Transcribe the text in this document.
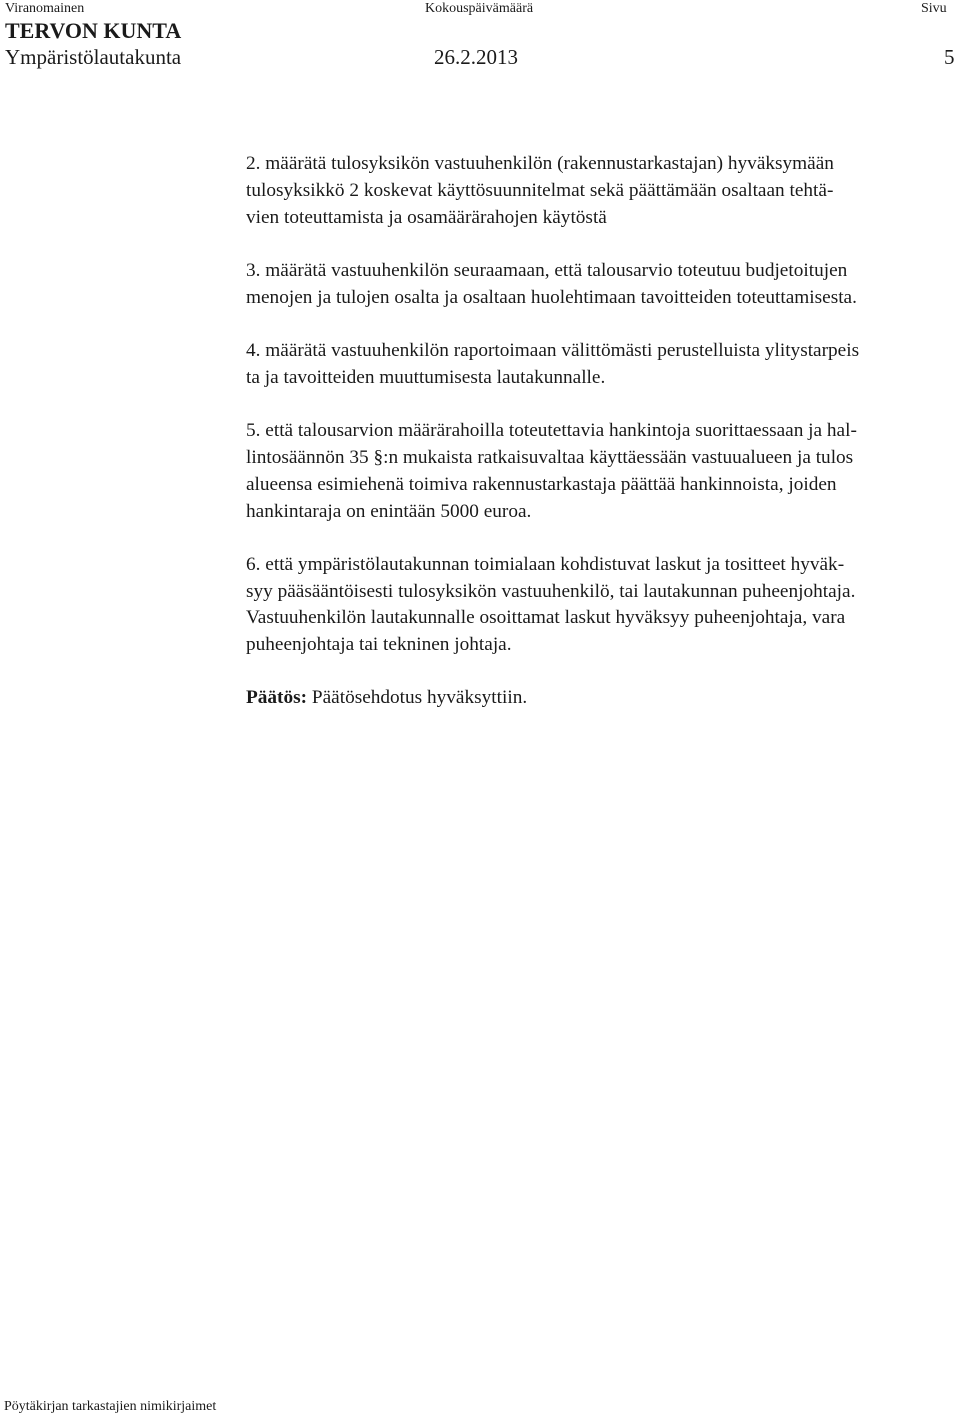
Viranomainen	Kokouspäivämäärä	Sivu
TERVON KUNTA
Ympäristölautakunta	26.2.2013	5
2. määrätä tulosyksikön vastuuhenkilön (rakennustarkastajan) hyväksymään
tulosyksikkö 2 koskevat käyttösuunnitelmat sekä päättämään osaltaan tehtä-
vien toteuttamista ja osamäärärahojen käytöstä
3. määrätä vastuuhenkilön seuraamaan, että talousarvio toteutuu budjetoitujen
menojen ja tulojen osalta ja osaltaan huolehtimaan tavoitteiden toteuttamisesta.
4. määrätä vastuuhenkilön raportoimaan välittömästi perustelluista ylitystarpeis
ta ja tavoitteiden muuttumisesta lautakunnalle.
5. että talousarvion määrärahoilla toteutettavia hankintoja suorittaessaan ja hal-
lintosäännön 35 §:n mukaista ratkaisuvaltaa käyttäessään vastuualueen ja tulos
alueensa esimiehenä toimiva rakennustarkastaja päättää hankinnoista, joiden
hankintaraja on enintään 5000 euroa.
6. että ympäristölautakunnan toimialaan kohdistuvat laskut ja tositteet hyväk-
syy pääsääntöisesti tulosyksikön vastuuhenkilö, tai lautakunnan puheenjohtaja.
Vastuuhenkilön lautakunnalle osoittamat laskut hyväksyy puheenjohtaja, vara
puheenjohtaja tai tekninen johtaja.
Päätös: Päätösehdotus hyväksyttiin.
Pöytäkirjan tarkastajien nimikirjaimet
